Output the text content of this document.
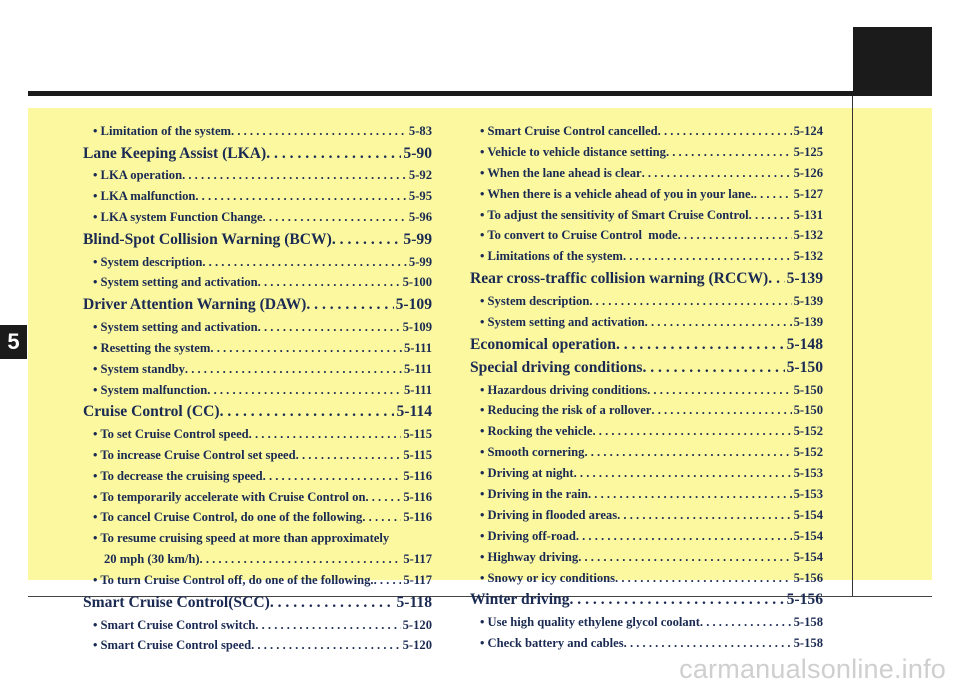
5
• Limitation of the system . . .	5-83
Lane Keeping Assist (LKA) . . .	5-90
• LKA operation . . .	5-92
• LKA malfunction . . .	5-95
• LKA system Function Change . . .	5-96
Blind-Spot Collision Warning (BCW) . . .	5-99
• System description . . .	5-99
• System setting and activation . . .	5-100
Driver Attention Warning (DAW) . . .	5-109
• System setting and activation . . .	5-109
• Resetting the system . . .	5-111
• System standby . . .	5-111
• System malfunction . . .	5-111
Cruise Control (CC) . . .	5-114
• To set Cruise Control speed . . .	5-115
• To increase Cruise Control set speed . . .	5-115
• To decrease the cruising speed . . .	5-116
• To temporarily accelerate with Cruise Control on . . .	5-116
• To cancel Cruise Control, do one of the following . . .	5-116
• To resume cruising speed at more than approximately
20 mph (30 km/h) . . .	5-117
• To turn Cruise Control off, do one of the following. . . . 5-117
Smart Cruise Control(SCC) . . .	5-118
• Smart Cruise Control switch . . .	5-120
• Smart Cruise Control speed . . .	5-120
• Smart Cruise Control cancelled . . .	5-124
• Vehicle to vehicle distance setting . . .	5-125
• When the lane ahead is clear . . .	5-126
• When there is a vehicle ahead of you in your lane. . . .	5-127
• To adjust the sensitivity of Smart Cruise Control . . .	5-131
• To convert to Cruise Control  mode . . .	5-132
• Limitations of the system . . .	5-132
Rear cross-traffic collision warning (RCCW) . . . 5-139
• System description . . .	5-139
• System setting and activation . . .	5-139
Economical operation . . .	5-148
Special driving conditions . . .	5-150
• Hazardous driving conditions . . .	5-150
• Reducing the risk of a rollover . . .	5-150
• Rocking the vehicle . . .	5-152
• Smooth cornering . . .	5-152
• Driving at night . . .	5-153
• Driving in the rain . . .	5-153
• Driving in flooded areas . . .	5-154
• Driving off-road . . .	5-154
• Highway driving . . .	5-154
• Snowy or icy conditions . . .	5-156
Winter driving . . .	5-156
• Use high quality ethylene glycol coolant . . .	5-158
• Check battery and cables . . .	5-158
carmanualsonline.info
